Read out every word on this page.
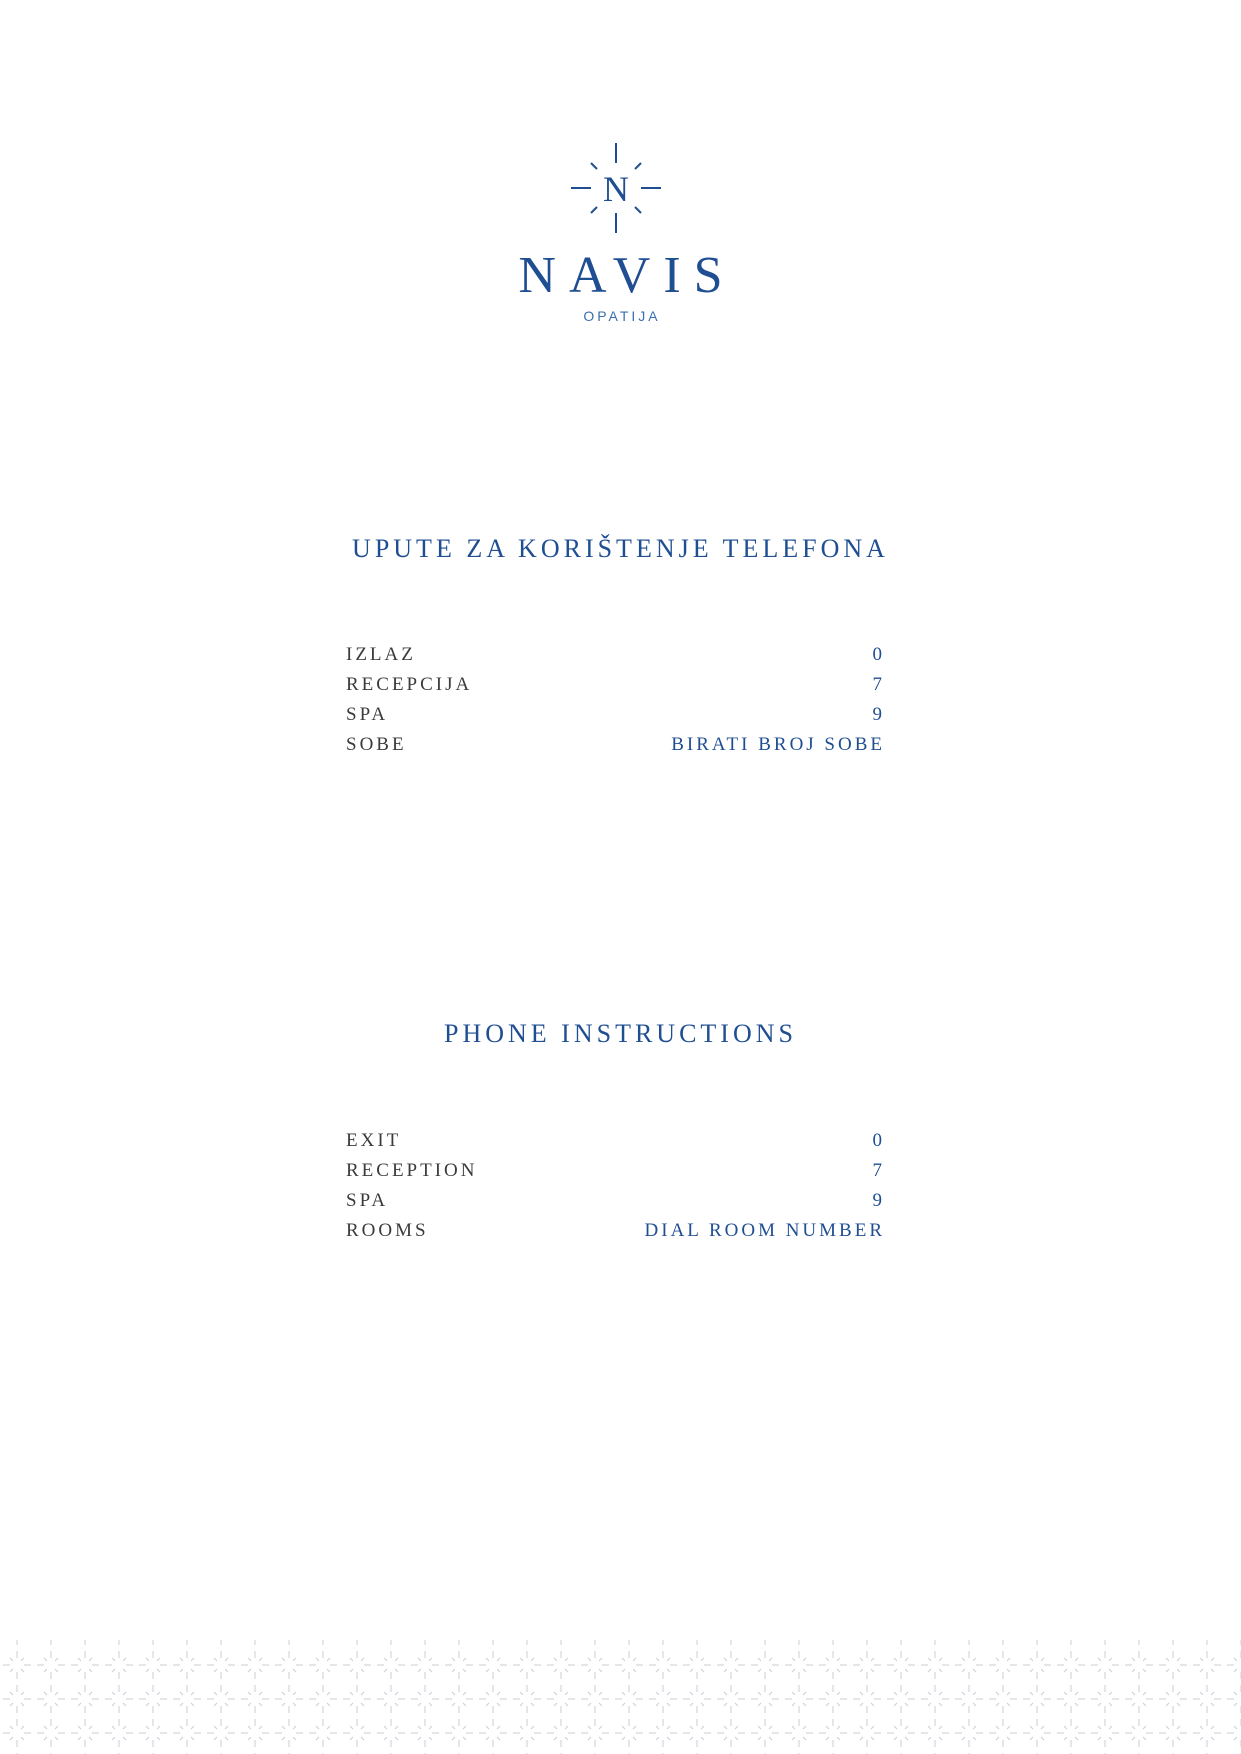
N
NAVIS
OPATIJA
UPUTE ZA KORIŠTENJE TELEFONA
IZLAZ	0
RECEPCIJA	7
SPA	9
SOBE	BIRATI BROJ SOBE
PHONE INSTRUCTIONS
EXIT	0
RECEPTION	7
SPA	9
ROOMS	DIAL ROOM NUMBER
